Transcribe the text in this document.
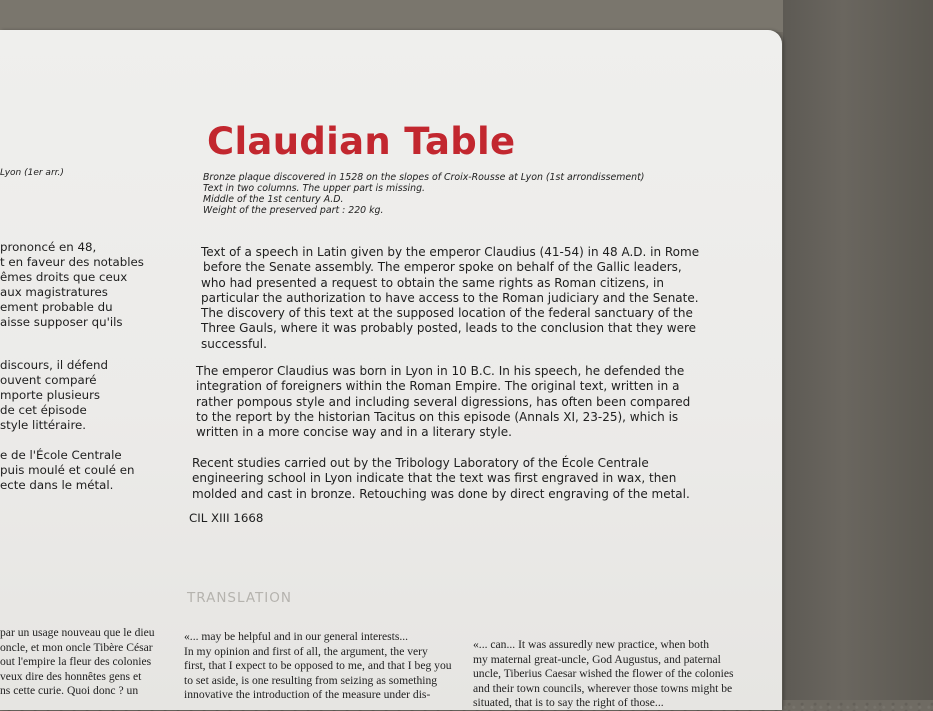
Lyon (1er arr.)
prononcé en 48,
t en faveur des notables
êmes droits que ceux
aux magistratures
ement probable du
aisse supposer qu'ils
discours, il défend
ouvent comparé
mporte plusieurs
de cet épisode
style littéraire.
e de l'École Centrale
puis moulé et coulé en
ecte dans le métal.
Claudian Table
Bronze plaque discovered in 1528 on the slopes of Croix-Rousse at Lyon (1st arrondissement)
Text in two columns. The upper part is missing.
Middle of the 1st century A.D.
Weight of the preserved part : 220 kg.
Text of a speech in Latin given by the emperor Claudius (41-54) in 48 A.D. in Rome
before the Senate assembly. The emperor spoke on behalf of the Gallic leaders,
who had presented a request to obtain the same rights as Roman citizens, in
particular the authorization to have access to the Roman judiciary and the Senate.
The discovery of this text at the supposed location of the federal sanctuary of the
Three Gauls, where it was probably posted, leads to the conclusion that they were
successful.
The emperor Claudius was born in Lyon in 10 B.C. In his speech, he defended the
integration of foreigners within the Roman Empire. The original text, written in a
rather pompous style and including several digressions, has often been compared
to the report by the historian Tacitus on this episode (Annals XI, 23-25), which is
written in a more concise way and in a literary style.
Recent studies carried out by the Tribology Laboratory of the École Centrale
engineering school in Lyon indicate that the text was first engraved in wax, then
molded and cast in bronze. Retouching was done by direct engraving of the metal.
CIL XIII 1668
TRANSLATION
par un usage nouveau que le dieu
oncle, et mon oncle Tibère César
out l'empire la fleur des colonies
veux dire des honnêtes gens et
ns cette curie. Quoi donc ? un
«... may be helpful and in our general interests...
In my opinion and first of all, the argument, the very
first, that I expect to be opposed to me, and that I beg you
to set aside, is one resulting from seizing as something
innovative the introduction of the measure under dis-
«... can... It was assuredly new practice, when both
my maternal great-uncle, God Augustus, and paternal
uncle, Tiberius Caesar wished the flower of the colonies
and their town councils, wherever those towns might be
situated, that is to say the right of those...
